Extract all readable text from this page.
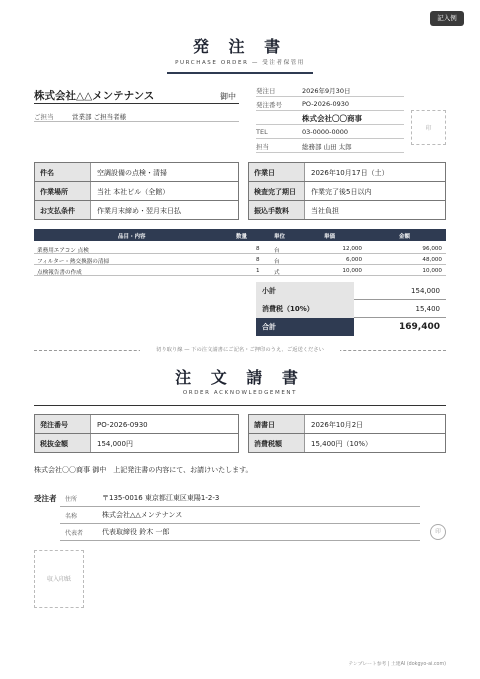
記入例
発 注 書
PURCHASE ORDER — 受注者保管用
株式会社△△メンテナンス	御中
ご担当	営業部 ご担当者様
発注日	2026年9月30日
発注番号	PO-2026-0930
株式会社〇〇商事
TEL	03-0000-0000
担当	総務部 山田 太郎
印
件名	空調設備の点検・清掃
作業場所	当社 本社ビル（全館）
お支払条件	作業月末締め・翌月末日払
作業日	2026年10月17日（土）
検査完了期日	作業完了後5日以内
振込手数料	当社負担
品目・内容	数量	単位	単価	金額
業務用エアコン 点検	8	台	12,000	96,000
フィルター・熱交換器の清掃	8	台	6,000	48,000
点検報告書の作成	1	式	10,000	10,000
小計	154,000
消費税（10%）	15,400
合計	169,400
切り取り線 — 下の注文請書にご記名・ご押印のうえ、ご返送ください
注 文 請 書
ORDER ACKNOWLEDGEMENT
発注番号	PO-2026-0930	請書日	2026年10月2日
税抜金額	154,000円	消費税額	15,400円（10%）
株式会社〇〇商事 御中　上記発注書の内容にて、お請けいたします。
受注者 住所	〒135-0016 東京都江東区東陽1-2-3
名称	株式会社△△メンテナンス
代表者	代表取締役 鈴木 一郎	印
収入印紙
テンプレート参考 | 土建AI (dokgyo-ai.com)
